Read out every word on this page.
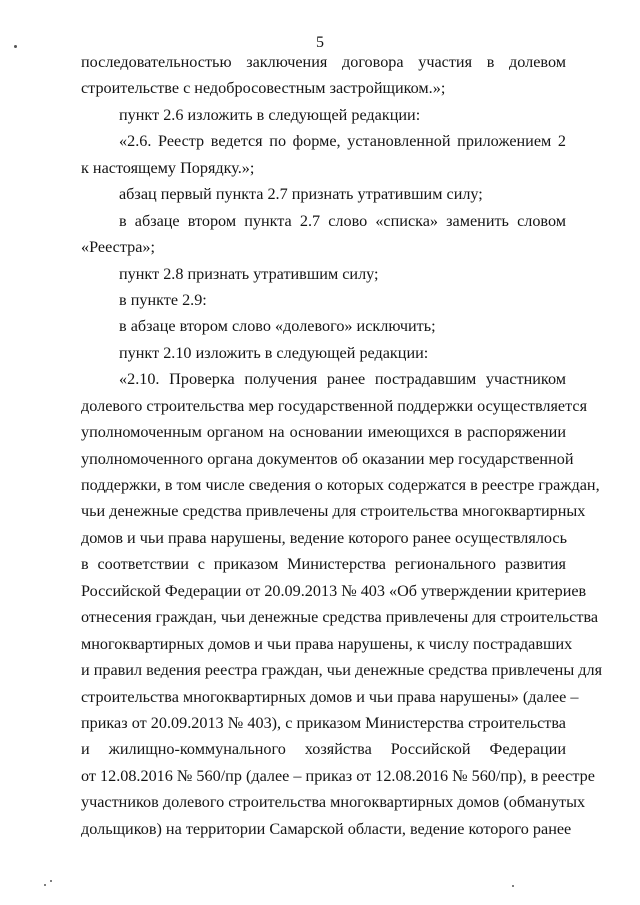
5
последовательностью заключения договора участия в долевом
строительстве с недобросовестным застройщиком.»;
пункт 2.6 изложить в следующей редакции:
«2.6. Реестр ведется по форме, установленной приложением 2
к настоящему Порядку.»;
абзац первый пункта 2.7 признать утратившим силу;
в абзаце втором пункта 2.7 слово «списка» заменить словом
«Реестра»;
пункт 2.8 признать утратившим силу;
в пункте 2.9:
в абзаце втором слово «долевого» исключить;
пункт 2.10 изложить в следующей редакции:
«2.10. Проверка получения ранее пострадавшим участником
долевого строительства мер государственной поддержки осуществляется
уполномоченным органом на основании имеющихся в распоряжении
уполномоченного органа документов об оказании мер государственной
поддержки, в том числе сведения о которых содержатся в реестре граждан,
чьи денежные средства привлечены для строительства многоквартирных
домов и чьи права нарушены, ведение которого ранее осуществлялось
в соответствии с приказом Министерства регионального развития
Российской Федерации от 20.09.2013 № 403 «Об утверждении критериев
отнесения граждан, чьи денежные средства привлечены для строительства
многоквартирных домов и чьи права нарушены, к числу пострадавших
и правил ведения реестра граждан, чьи денежные средства привлечены для
строительства многоквартирных домов и чьи права нарушены» (далее –
приказ от 20.09.2013 № 403), с приказом Министерства строительства
и жилищно-коммунального хозяйства Российской Федерации
от 12.08.2016 № 560/пр (далее – приказ от 12.08.2016 № 560/пр), в реестре
участников долевого строительства многоквартирных домов (обманутых
дольщиков) на территории Самарской области, ведение которого ранее
